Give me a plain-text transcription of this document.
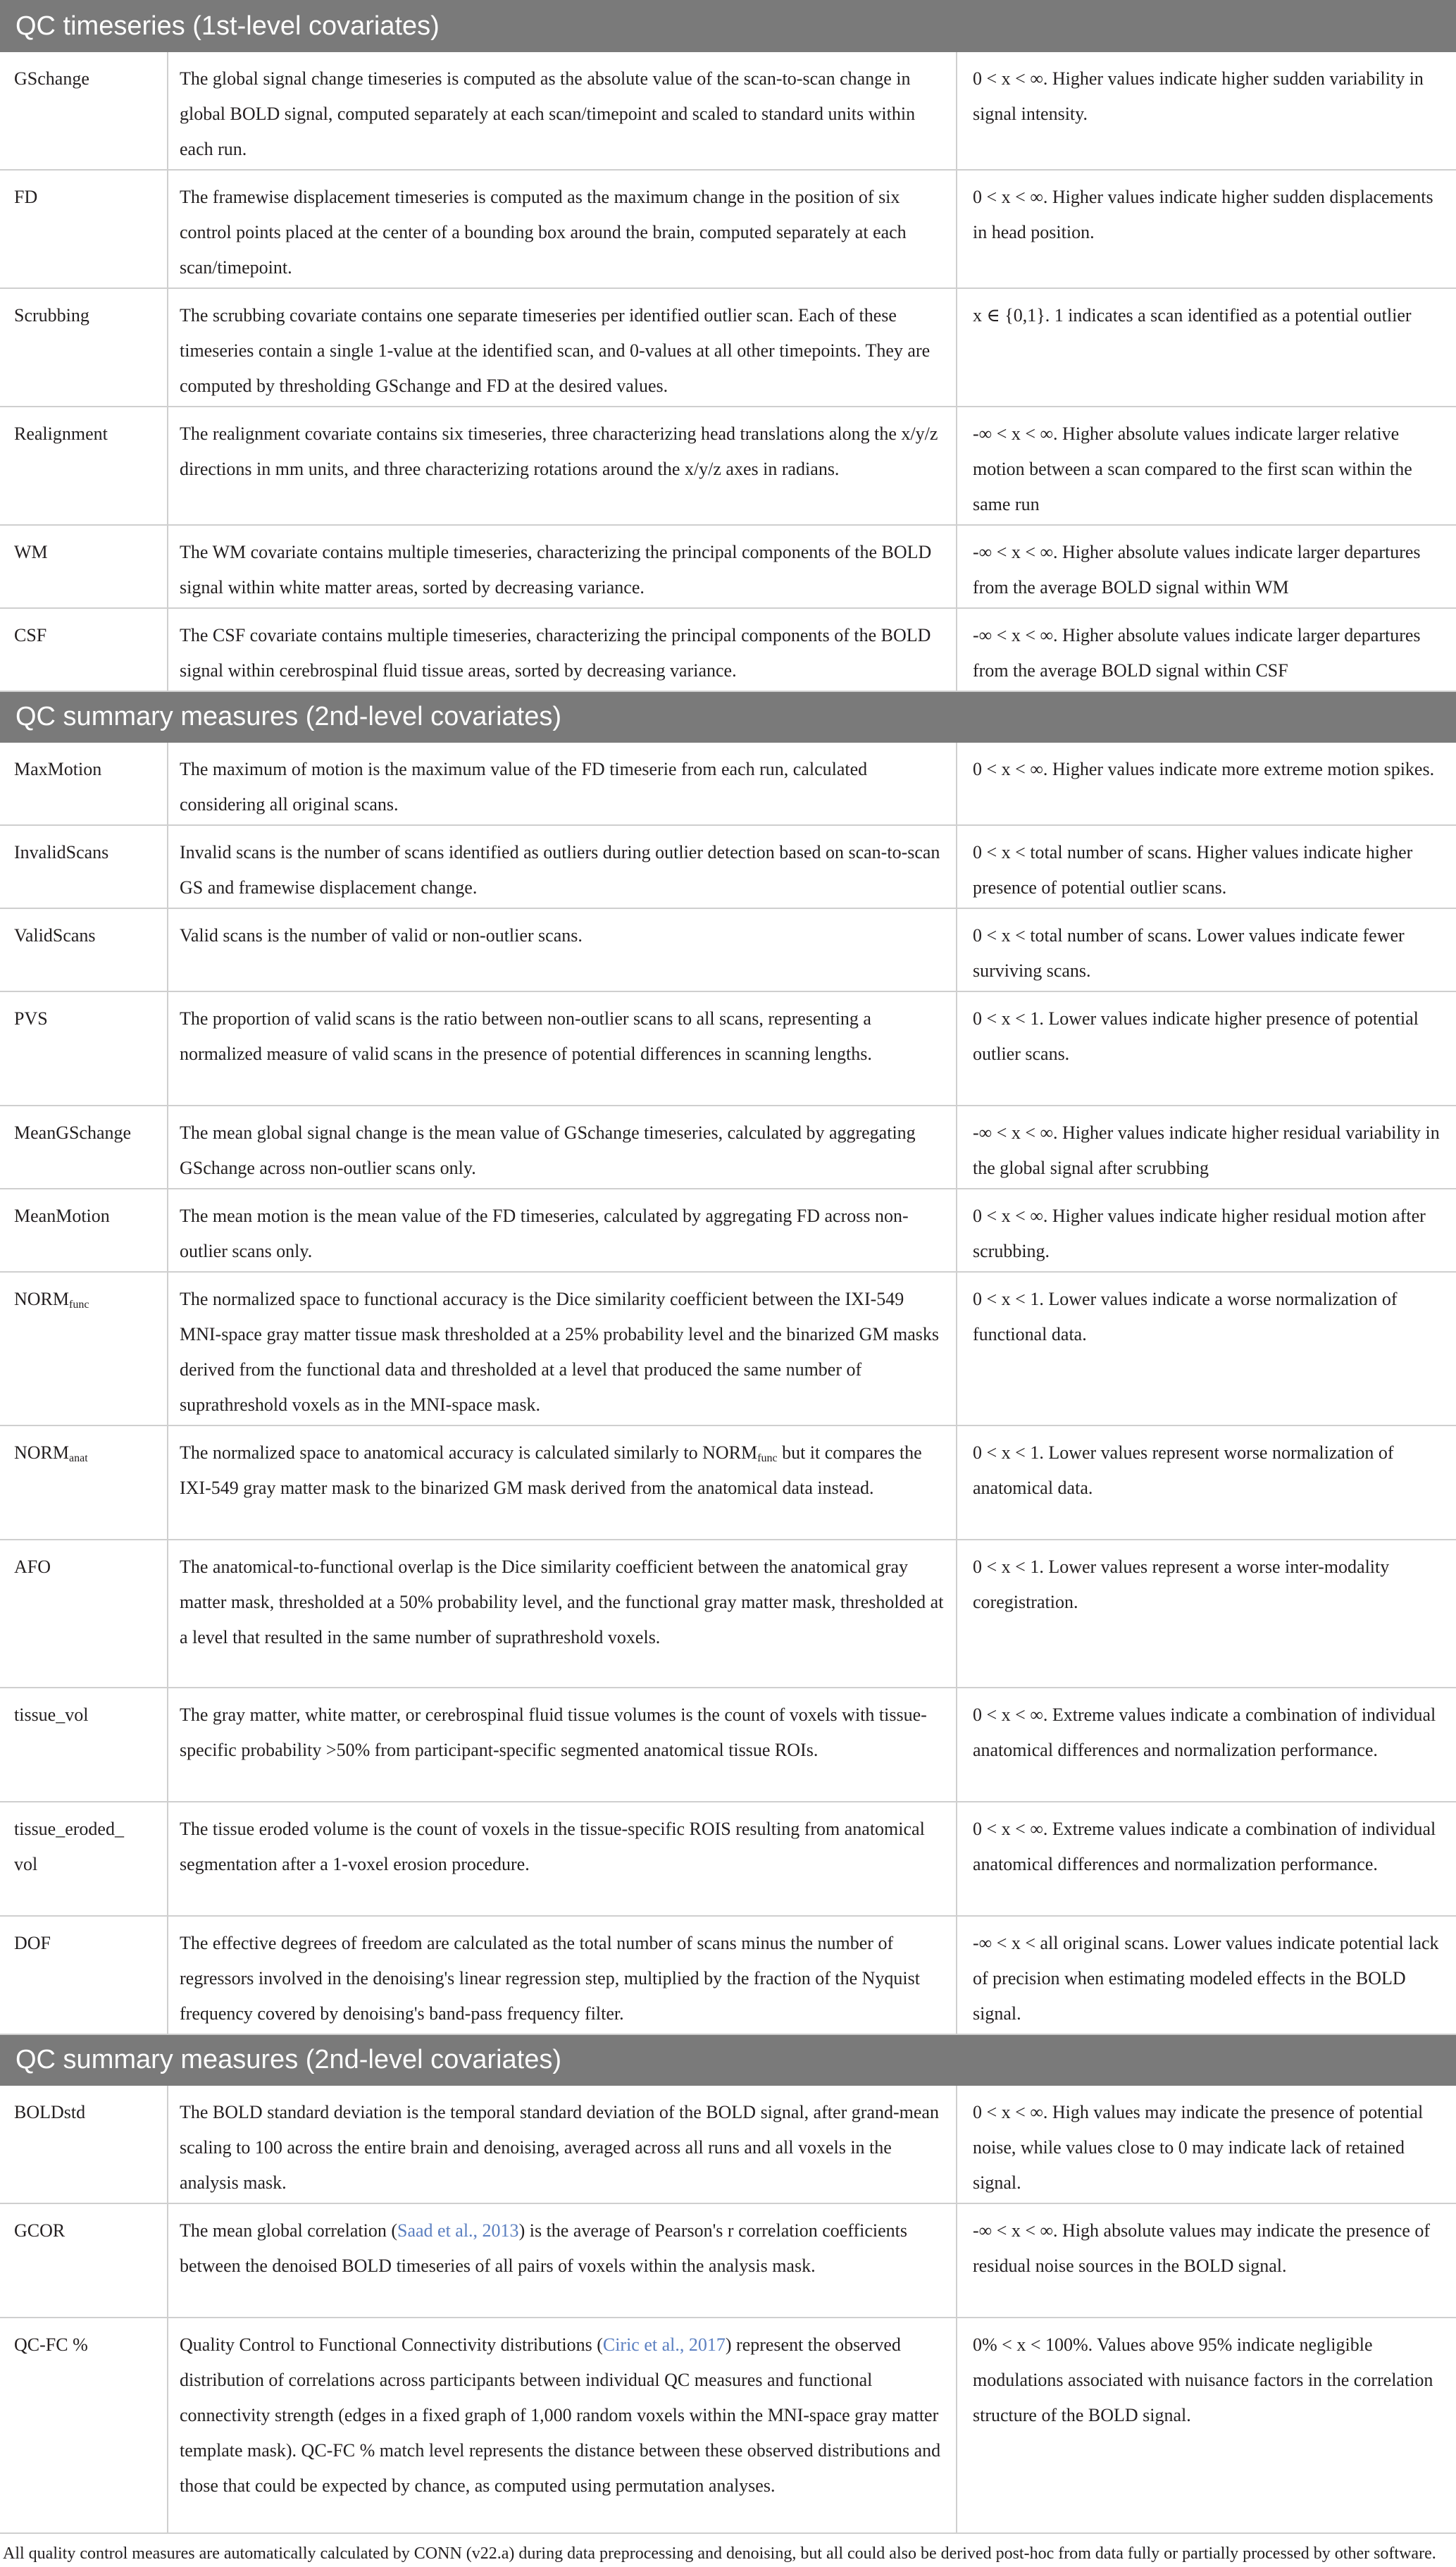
QC timeseries (1st-level covariates)		
GSchange	The global signal change timeseries is computed as the absolute value of the scan-to-scan change in global BOLD signal, computed separately at each scan/timepoint and scaled to standard units within each run.	0 < x < ∞. Higher values indicate higher sudden variability in signal intensity.
FD	The framewise displacement timeseries is computed as the maximum change in the position of six control points placed at the center of a bounding box around the brain, computed separately at each scan/timepoint.	0 < x < ∞. Higher values indicate higher sudden displacements in head position.
Scrubbing	The scrubbing covariate contains one separate timeseries per identified outlier scan. Each of these timeseries contain a single 1-value at the identified scan, and 0-values at all other timepoints. They are computed by thresholding GSchange and FD at the desired values.	x ∈ {0,1}. 1 indicates a scan identified as a potential outlier
Realignment	The realignment covariate contains six timeseries, three characterizing head translations along the x/y/z directions in mm units, and three characterizing rotations around the x/y/z axes in radians.	-∞ < x < ∞. Higher absolute values indicate larger relative motion between a scan compared to the first scan within the same run
WM	The WM covariate contains multiple timeseries, characterizing the principal components of the BOLD signal within white matter areas, sorted by decreasing variance.	-∞ < x < ∞. Higher absolute values indicate larger departures from the average BOLD signal within WM
CSF	The CSF covariate contains multiple timeseries, characterizing the principal components of the BOLD signal within cerebrospinal fluid tissue areas, sorted by decreasing variance.	-∞ < x < ∞. Higher absolute values indicate larger departures from the average BOLD signal within CSF
QC summary measures (2nd-level covariates)		
MaxMotion	The maximum of motion is the maximum value of the FD timeserie from each run, calculated considering all original scans.	0 < x < ∞. Higher values indicate more extreme motion spikes.
InvalidScans	Invalid scans is the number of scans identified as outliers during outlier detection based on scan-to-scan GS and framewise displacement change.	0 < x < total number of scans. Higher values indicate higher presence of potential outlier scans.
ValidScans	Valid scans is the number of valid or non-outlier scans.	0 < x < total number of scans. Lower values indicate fewer surviving scans.
PVS	The proportion of valid scans is the ratio between non-outlier scans to all scans, representing a normalized measure of valid scans in the presence of potential differences in scanning lengths.	0 < x < 1. Lower values indicate higher presence of potential outlier scans.
MeanGSchange	The mean global signal change is the mean value of GSchange timeseries, calculated by aggregating GSchange across non-outlier scans only.	-∞ < x < ∞. Higher values indicate higher residual variability in the global signal after scrubbing
MeanMotion	The mean motion is the mean value of the FD timeseries, calculated by aggregating FD across non-outlier scans only.	0 < x < ∞. Higher values indicate higher residual motion after scrubbing.
$NORM_{func}$	The normalized space to functional accuracy is the Dice similarity coefficient between the IXI-549 MNI-space gray matter tissue mask thresholded at a 25% probability level and the binarized GM masks derived from the functional data and thresholded at a level that produced the same number of suprathreshold voxels as in the MNI-space mask.	0 < x < 1. Lower values indicate a worse normalization of functional data.
$NORM_{anat}$	The normalized space to anatomical accuracy is calculated similarly to $NORM_{func}$ but it compares the IXI-549 gray matter mask to the binarized GM mask derived from the anatomical data instead.	0 < x < 1. Lower values represent worse normalization of anatomical data.
AFO	The anatomical-to-functional overlap is the Dice similarity coefficient between the anatomical gray matter mask, thresholded at a 50% probability level, and the functional gray matter mask, thresholded at a level that resulted in the same number of suprathreshold voxels.	0 < x < 1. Lower values represent a worse inter-modality coregistration.
tissue_vol	The gray matter, white matter, or cerebrospinal fluid tissue volumes is the count of voxels with tissue-specific probability >50% from participant-specific segmented anatomical tissue ROIs.	0 < x < ∞. Extreme values indicate a combination of individual anatomical differences and normalization performance.
tissue_eroded_
vol	The tissue eroded volume is the count of voxels in the tissue-specific ROIS resulting from anatomical segmentation after a 1-voxel erosion procedure.	0 < x < ∞. Extreme values indicate a combination of individual anatomical differences and normalization performance.
DOF	The effective degrees of freedom are calculated as the total number of scans minus the number of regressors involved in the denoising's linear regression step, multiplied by the fraction of the Nyquist frequency covered by denoising's band-pass frequency filter.	-∞ < x < all original scans. Lower values indicate potential lack of precision when estimating modeled effects in the BOLD signal.
QC summary measures (2nd-level covariates)		
BOLDstd	The BOLD standard deviation is the temporal standard deviation of the BOLD signal, after grand-mean scaling to 100 across the entire brain and denoising, averaged across all runs and all voxels in the analysis mask.	0 < x < ∞. High values may indicate the presence of potential noise, while values close to 0 may indicate lack of retained signal.
GCOR	The mean global correlation (Saad et al., 2013) is the average of Pearson's r correlation coefficients between the denoised BOLD timeseries of all pairs of voxels within the analysis mask.	-∞ < x < ∞. High absolute values may indicate the presence of residual noise sources in the BOLD signal.
QC-FC %	Quality Control to Functional Connectivity distributions (Ciric et al., 2017) represent the observed distribution of correlations across participants between individual QC measures and functional connectivity strength (edges in a fixed graph of 1,000 random voxels within the MNI-space gray matter template mask). QC-FC % match level represents the distance between these observed distributions and those that could be expected by chance, as computed using permutation analyses.	0% < x < 100%. Values above 95% indicate negligible modulations associated with nuisance factors in the correlation structure of the BOLD signal.
All quality control measures are automatically calculated by CONN (v22.a) during data preprocessing and denoising, but all could also be derived post-hoc from data fully or partially processed by other software.
